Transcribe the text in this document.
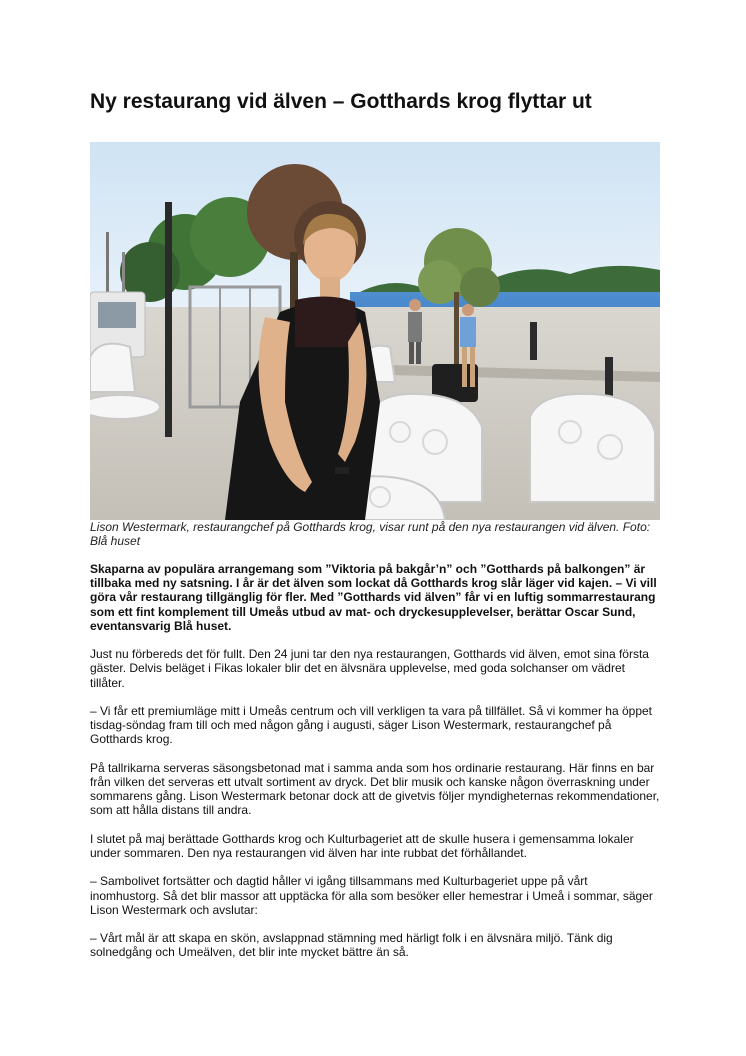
Ny restaurang vid älven – Gotthards krog flyttar ut
Lison Westermark, restaurangchef på Gotthards krog, visar runt på den nya restaurangen vid älven. Foto: Blå huset

Skaparna av populära arrangemang som ”Viktoria på bakgår’n” och ”Gotthards på balkongen” är tillbaka med ny satsning. I år är det älven som lockat då Gotthards krog slår läger vid kajen. – Vi vill göra vår restaurang tillgänglig för fler. Med ”Gotthards vid älven” får vi en luftig sommarrestaurang som ett fint komplement till Umeås utbud av mat- och dryckesupplevelser, berättar Oscar Sund, eventansvarig Blå huset.

Just nu förbereds det för fullt. Den 24 juni tar den nya restaurangen, Gotthards vid älven, emot sina första gäster. Delvis beläget i Fikas lokaler blir det en älvsnära upplevelse, med goda solchanser om vädret tillåter.

– Vi får ett premiumläge mitt i Umeås centrum och vill verkligen ta vara på tillfället. Så vi kommer ha öppet tisdag-söndag fram till och med någon gång i augusti, säger Lison Westermark, restaurangchef på Gotthards krog.

På tallrikarna serveras säsongsbetonad mat i samma anda som hos ordinarie restaurang. Här finns en bar från vilken det serveras ett utvalt sortiment av dryck. Det blir musik och kanske någon överraskning under sommarens gång. Lison Westermark betonar dock att de givetvis följer myndigheternas rekommendationer, som att hålla distans till andra.

I slutet på maj berättade Gotthards krog och Kulturbageriet att de skulle husera i gemensamma lokaler under sommaren. Den nya restaurangen vid älven har inte rubbat det förhållandet.

– Sambolivet fortsätter och dagtid håller vi igång tillsammans med Kulturbageriet uppe på vårt inomhustorg. Så det blir massor att upptäcka för alla som besöker eller hemestrar i Umeå i sommar, säger Lison Westermark och avslutar:

– Vårt mål är att skapa en skön, avslappnad stämning med härligt folk i en älvsnära miljö. Tänk dig solnedgång och Umeälven, det blir inte mycket bättre än så.
